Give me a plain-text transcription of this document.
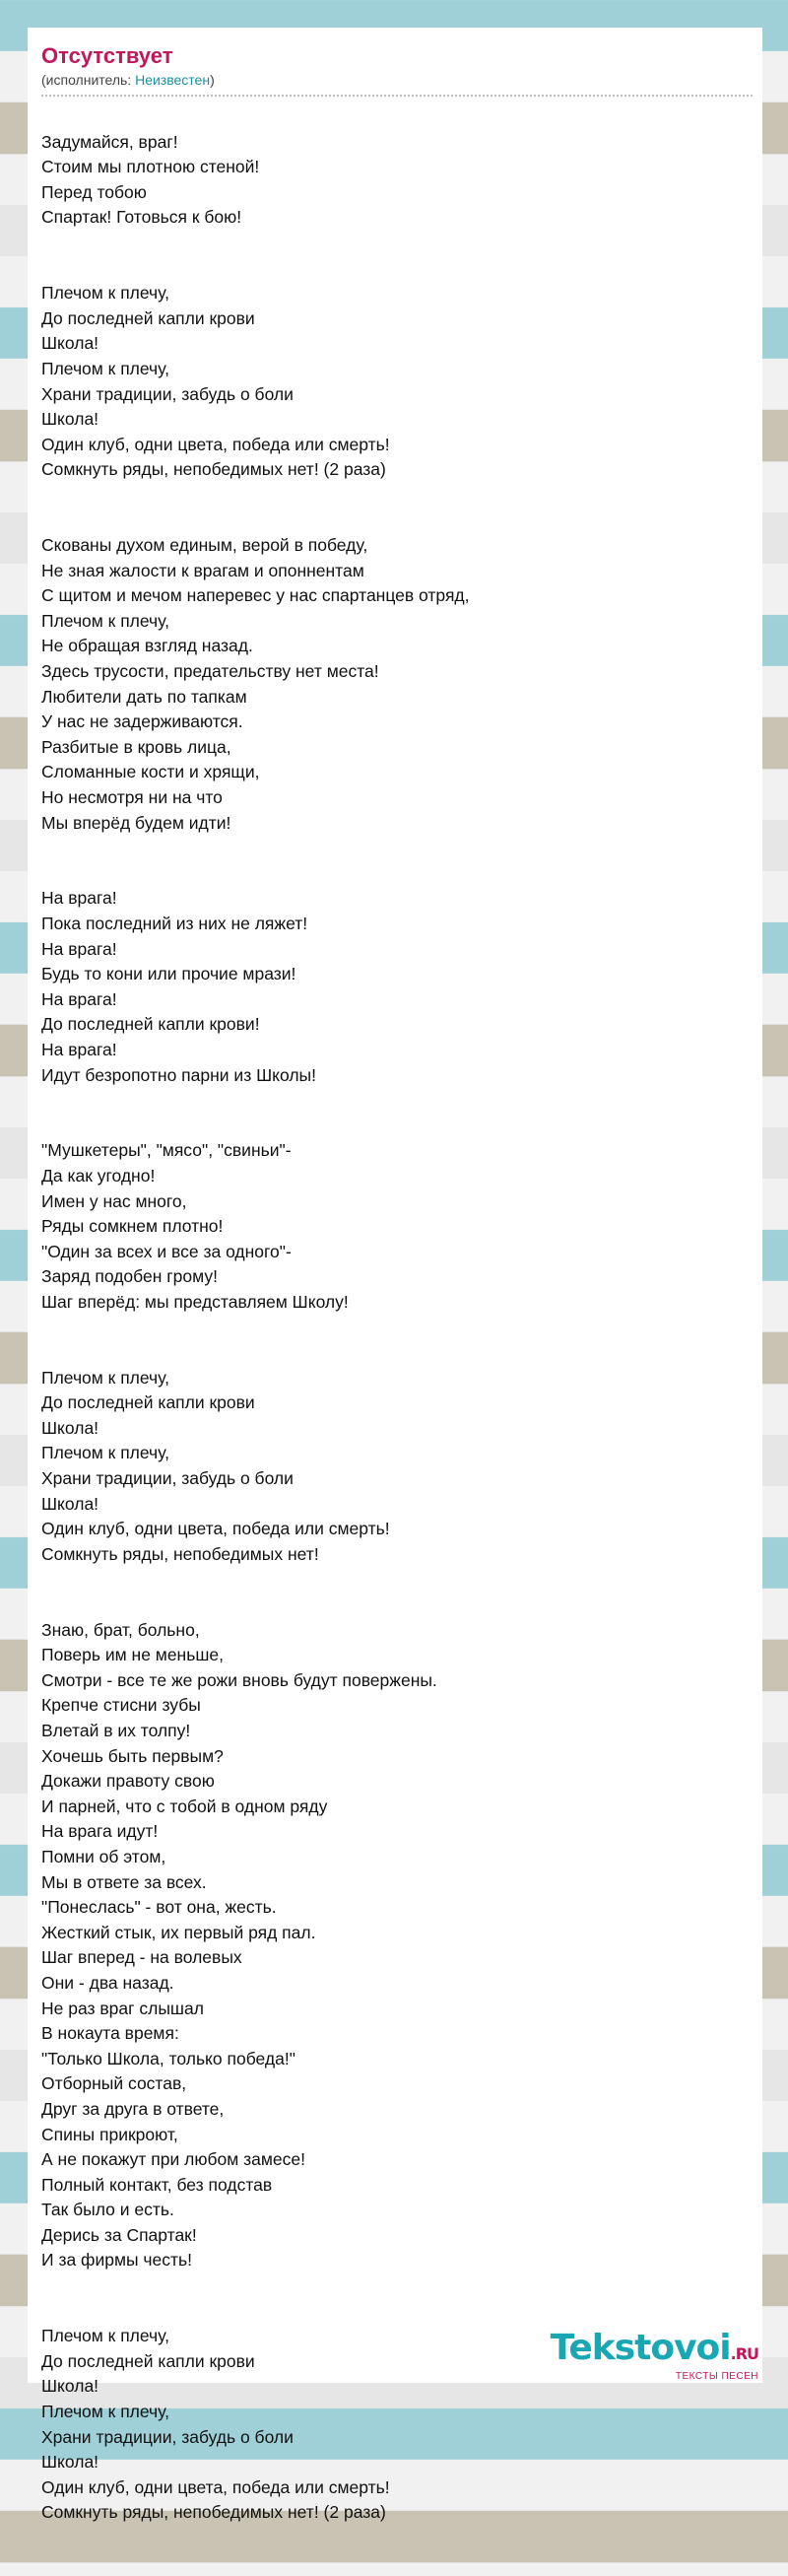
Отсутствует
(исполнитель: Неизвестен)

Задумайся, враг!
Стоим мы плотною стеной!
Перед тобою
Спартак! Готовься к бою!

Плечом к плечу,
До последней капли крови
Школа!
Плечом к плечу,
Храни традиции, забудь о боли
Школа!
Один клуб, одни цвета, победа или смерть!
Сомкнуть ряды, непобедимых нет! (2 раза)

Скованы духом единым, верой в победу,
Не зная жалости к врагам и опоннентам
С щитом и мечом наперевес у нас спартанцев отряд,
Плечом к плечу,
Не обращая взгляд назад.
Здесь трусости, предательству нет места!
Любители дать по тапкам
У нас не задерживаются.
Разбитые в кровь лица,
Сломанные кости и хрящи,
Но несмотря ни на что
Мы вперёд будем идти!

На врага!
Пока последний из них не ляжет!
На врага!
Будь то кони или прочие мрази!
На врага!
До последней капли крови!
На врага!
Идут безропотно парни из Школы!

"Мушкетеры", "мясо", "свиньи"-
Да как угодно!
Имен у нас много,
Ряды сомкнем плотно!
"Один за всех и все за одного"-
Заряд подобен грому!
Шаг вперёд: мы представляем Школу!

Плечом к плечу,
До последней капли крови
Школа!
Плечом к плечу,
Храни традиции, забудь о боли
Школа!
Один клуб, одни цвета, победа или смерть!
Сомкнуть ряды, непобедимых нет!

Знаю, брат, больно,
Поверь им не меньше,
Смотри - все те же рожи вновь будут повержены.
Крепче стисни зубы
Влетай в их толпу!
Хочешь быть первым?
Докажи правоту свою
И парней, что с тобой в одном ряду
На врага идут!
Помни об этом,
Мы в ответе за всех.
"Понеслась" - вот она, жесть.
Жесткий стык, их первый ряд пал.
Шаг вперед - на волевых
Они - два назад.
Не раз враг слышал
В нокаута время:
"Только Школа, только победа!"
Отборный состав,
Друг за друга в ответе,
Спины прикроют,
А не покажут при любом замесе!
Полный контакт, без подстав
Так было и есть.
Дерись за Спартак!
И за фирмы честь!

Плечом к плечу,
До последней капли крови
Школа!
Плечом к плечу,
Храни традиции, забудь о боли
Школа!
Один клуб, одни цвета, победа или смерть!
Сомкнуть ряды, непобедимых нет! (2 раза)

Tekstovoi.RU
ТЕКСТЫ ПЕСЕН
